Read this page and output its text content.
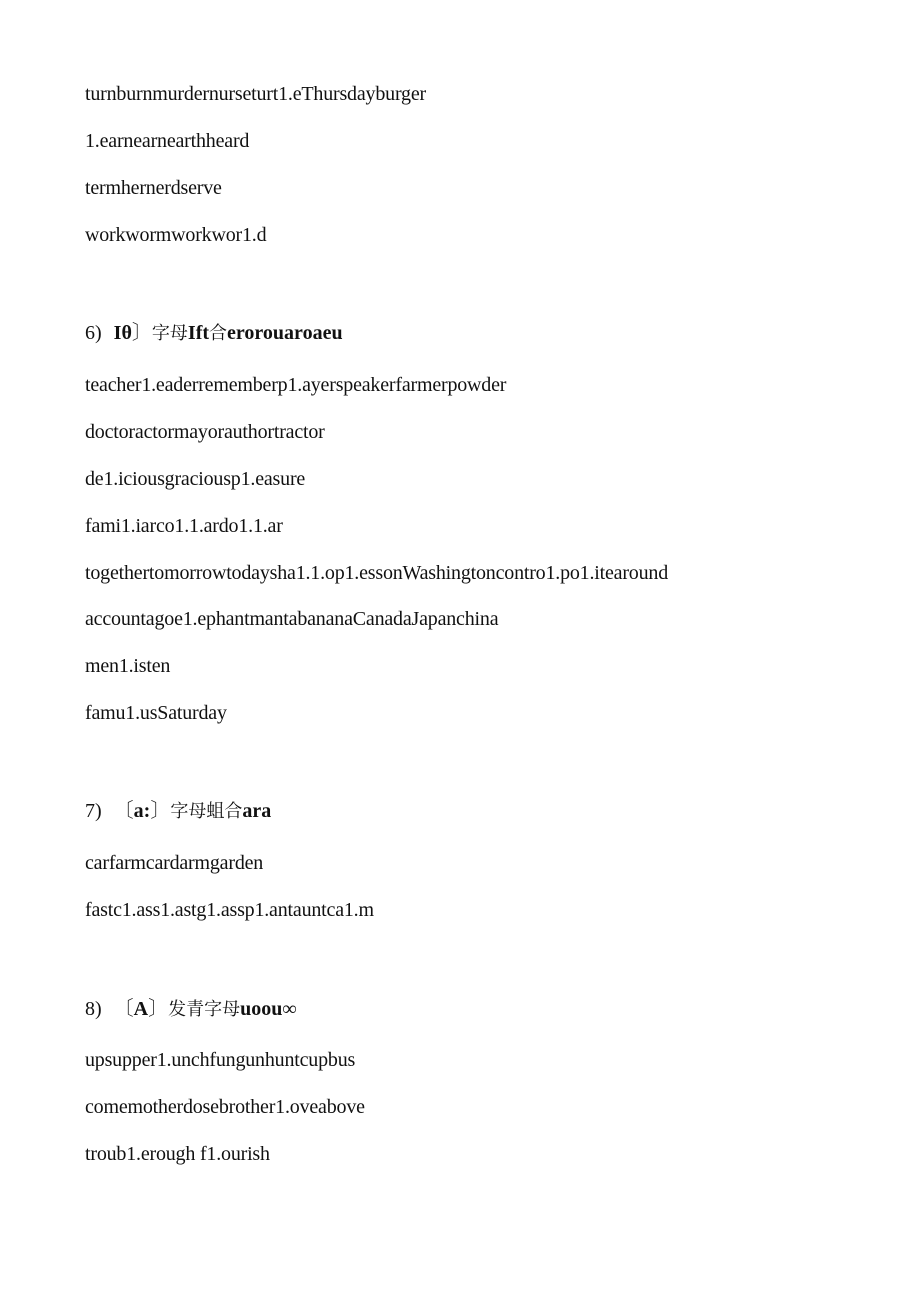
turnburnmurdernurseturt1.eThursdayburger
1.earnearnearthheard
termhernerdserve
workwormworkwor1.d
6) Iθ〕字母Ift合erorouaroaeu
teacher1.eaderrememberp1.ayerspeakerfarmerpowder
doctoractormayorauthortractor
de1.iciousgraciousp1.easure
fami1.iarco1.1.ardo1.1.ar
togethertomorrowtodaysha1.1.op1.essonWashingtoncontro1.po1.itearound
accountagoe1.ephantmantabananaCanadaJapanchina
men1.isten
famu1.usSaturday
7) 〔a:〕字母蛆合ara
carfarmcardarmgarden
fastc1.ass1.astg1.assp1.antauntca1.m
8) 〔A〕发青字母uoou∞
upsupper1.unchfungunhuntcupbus
comemotherdosebrother1.oveabove
troub1.erough f1.ourish
